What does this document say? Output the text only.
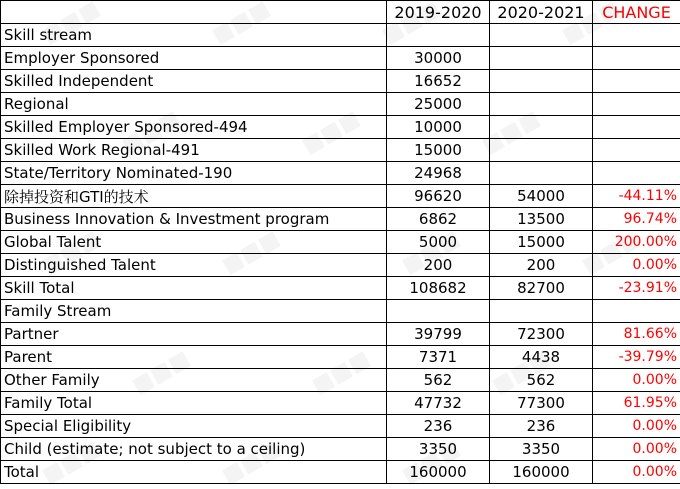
	2019-2020	2020-2021	CHANGE
Skill stream			
Employer Sponsored	30000		
Skilled Independent	16652		
Regional	25000		
Skilled Employer Sponsored-494	10000		
Skilled Work Regional-491	15000		
State/Territory Nominated-190	24968		
除掉投资和GTI的技术	96620	54000	-44.11%
Business Innovation & Investment program	6862	13500	96.74%
Global Talent	5000	15000	200.00%
Distinguished Talent	200	200	0.00%
Skill Total	108682	82700	-23.91%
Family Stream			
Partner	39799	72300	81.66%
Parent	7371	4438	-39.79%
Other Family	562	562	0.00%
Family Total	47732	77300	61.95%
Special Eligibility	236	236	0.00%
Child (estimate; not subject to a ceiling)	3350	3350	0.00%
Total	160000	160000	0.00%
